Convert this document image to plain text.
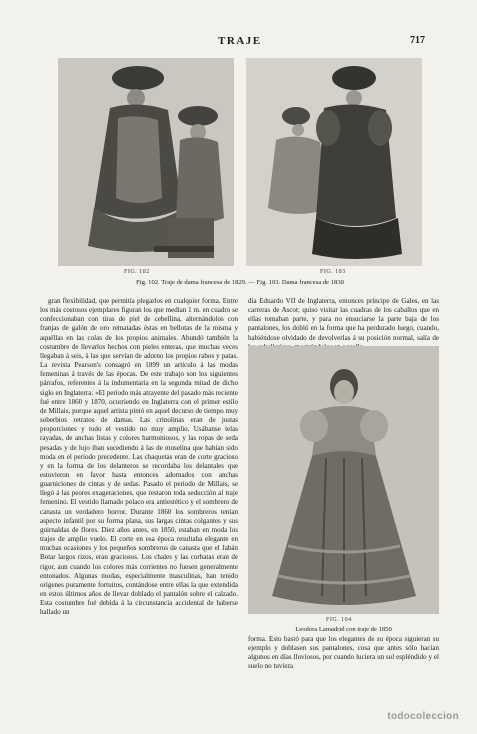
TRAJE	717
FIG. 102	FIG. 103
Fig. 102. Traje de dama francesa de 1829. — Fig. 103. Dama francesa de 1830

gran flexibilidad, que permitía plegarlos en cualquier forma. Entre los más costosos ejemplares figuran los que medían 1 m. en cuadro se confeccionaban con tiras de piel de cebellina, alternándolos con franjas de galón de oro rematadas éstas en bellotas de la misma y aquéllas en las colas de los propios animales. Abundó también la costumbre de llevarlos hechos con pieles enteras, que muchas veces llegaban á seis, á las que servían de adorno los propios rabos y patas. La revista Pearson's consagró en 1899 un artículo á las modas femeninas á través de las épocas. De este trabajo son los siguientes párrafos, referentes á la indumentaria en la segunda mitad de dicho siglo en Inglaterra: «El período más atrayente del pasado más reciente fué entre 1860 y 1870, ocurriendo en Inglaterra con el primer estilo de Millais, porque aquel artista pintó en aquel decurso de tiempo muy soberbios retratos de damas. Las crinolinas eran de justas proporciones y todo el vestido no muy amplio. Usábanse telas rayadas, de anchas listas y colores harmoniosos, y las ropas de seda pesadas y de lujo iban sucediendo á las de muselina que habían sido moda en el período precedente. Las chaquetas eran de corte gracioso y en la forma de los delanteros se recordaba los delantales que estuvieron en favor hasta entonces adornados con anchas guarniciones de cintas y de sedas. Pasado el período de Millais, se llegó á las peores exageraciones, que restaron toda seducción al traje femenino. El vestido llamado polaco era antiestético y el sombrero de canasta un verdadero horror. Durante 1860 los sombreros tenían aspecto infantil por su forma plana, sus largas cintas colgantes y sus guirnaldas de flores. Diez años antes, en 1850, estaban en moda los trajes de amplio vuelo. El corte en esa época resultaba elegante en muchas ocasiones y los pequeños sombreros de canasta que el Jabán Botar largos rizos, eran graciosos. Los chales y las corbatas eran de rigor, aun cuando los colores más corrientes no fuesen generalmente entonados. Algunas modas, especialmente masculinas, han tenido orígenes puramente fortuitos, contándose entre ellas la que extendida en estos últimos años de llevar doblado el pantalón sobre el calzado. Esta costumbre fué debida á la circunstancia accidental de haberse hallado un

día Eduardo VII de Inglaterra, entonces príncipe de Gales, en las carreras de Ascot; quiso visitar las cuadras de los caballos que en ellas tomaban parte, y para no ensuciarse la parte baja de los pantalones, los dobló en la forma que ha perdurado luego, cuando, habiéndose olvidado de devolverlas á su posición normal, salía de

FIG. 104
Leodora Lamadrid con traje de 1850

forma. Esto bastó para que los elegantes de su época siguieran su ejemplo y doblasen sus pantalones, cosa que antes sólo hacían algunos en días lluviosos, por cuando luciera un sol espléndido y el suelo no tuviera

todocoleccion
